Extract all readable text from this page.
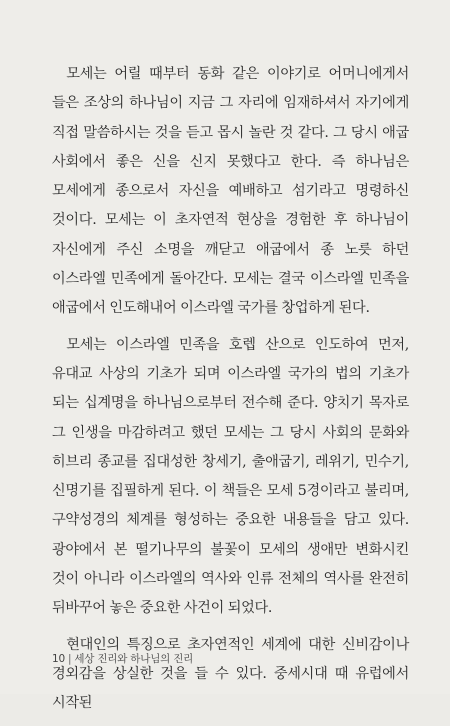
모세는 어릴 때부터 동화 같은 이야기로 어머니에게서 들은 조상의 하나님이 지금 그 자리에 임재하셔서 자기에게 직접 말씀하시는 것을 듣고 몹시 놀란 것 같다. 그 당시 애굽 사회에서 좋은 신을 신지 못했다고 한다. 즉 하나님은 모세에게 종으로서 자신을 예배하고 섬기라고 명령하신 것이다. 모세는 이 초자연적 현상을 경험한 후 하나님이 자신에게 주신 소명을 깨닫고 애굽에서 종 노릇 하던 이스라엘 민족에게 돌아간다. 모세는 결국 이스라엘 민족을 애굽에서 인도해내어 이스라엘 국가를 창업하게 된다.

모세는 이스라엘 민족을 호렙 산으로 인도하여 먼저, 유대교 사상의 기초가 되며 이스라엘 국가의 법의 기초가 되는 십계명을 하나님으로부터 전수해 준다. 양치기 목자로 그 인생을 마감하려고 했던 모세는 그 당시 사회의 문화와 히브리 종교를 집대성한 창세기, 출애굽기, 레위기, 민수기, 신명기를 집필하게 된다. 이 책들은 모세 5경이라고 불리며, 구약성경의 체계를 형성하는 중요한 내용들을 담고 있다. 광야에서 본 떨기나무의 불꽃이 모세의 생애만 변화시킨 것이 아니라 이스라엘의 역사와 인류 전체의 역사를 완전히 뒤바꾸어 놓은 중요한 사건이 되었다.

현대인의 특징으로 초자연적인 세계에 대한 신비감이나 경외감을 상실한 것을 들 수 있다. 중세시대 때 유럽에서 시작된

10 | 세상 진리와 하나님의 진리
